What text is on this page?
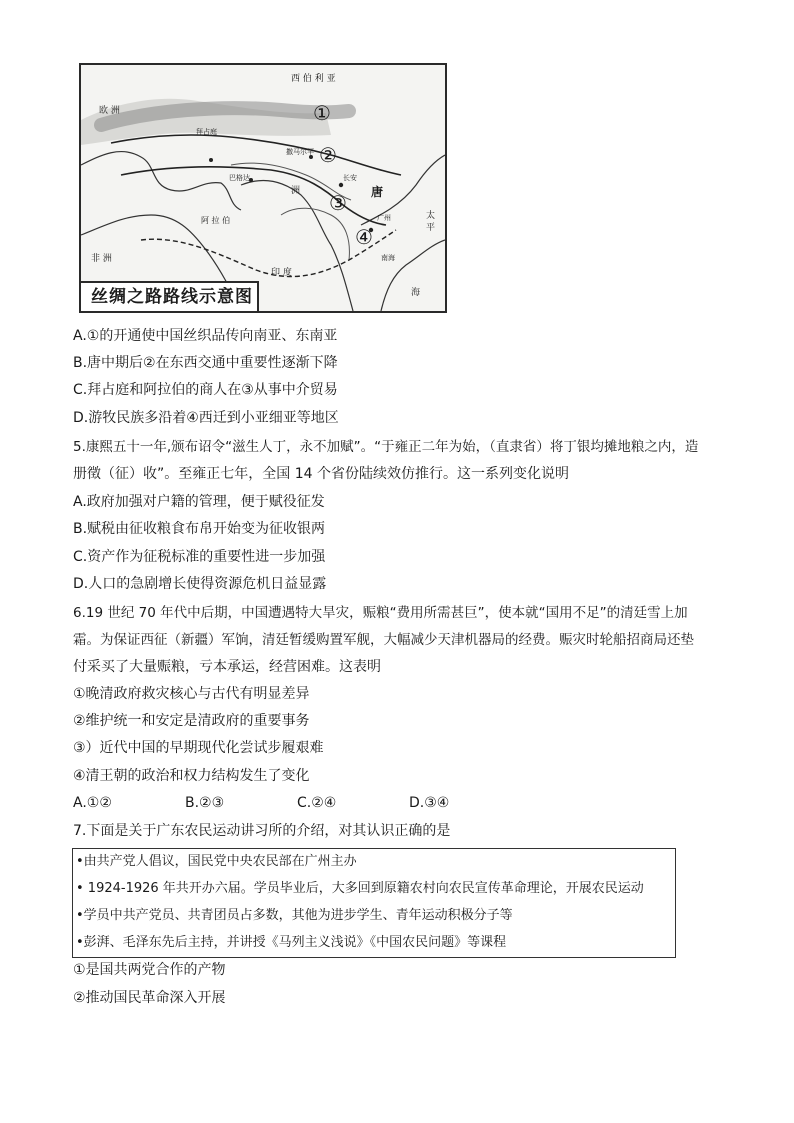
西 伯 利 亚
欧 洲
拜占庭
撒马尔罕
巴格达
阿 拉 伯
洲
长安
唐
广州
非 洲
印 度
南海
太 平
海
①
②
③
④
丝绸之路路线示意图
A.①的开通使中国丝织品传向南亚、东南亚
B.唐中期后②在东西交通中重要性逐渐下降
C.拜占庭和阿拉伯的商人在③从事中介贸易
D.游牧民族多沿着④西迁到小亚细亚等地区
5.康熙五十一年,颁布诏令“滋生人丁，永不加赋”。“于雍正二年为始，（直隶省）将丁银均摊地粮之内，造
册徵（征）收”。至雍正七年，全国 14 个省份陆续效仿推行。这一系列变化说明
A.政府加强对户籍的管理，便于赋役征发
B.赋税由征收粮食布帛开始变为征收银两
C.资产作为征税标准的重要性进一步加强
D.人口的急剧增长使得资源危机日益显露
6.19 世纪 70 年代中后期，中国遭遇特大旱灾，赈粮“费用所需甚巨”，使本就“国用不足”的清廷雪上加
霜。为保证西征（新疆）军饷，清廷暂缓购置军舰，大幅减少天津机器局的经费。赈灾时轮船招商局还垫
付采买了大量赈粮，亏本承运，经营困难。这表明
①晚清政府救灾核心与古代有明显差异
②维护统一和安定是清政府的重要事务
③）近代中国的早期现代化尝试步履艰难
④清王朝的政治和权力结构发生了变化
A.①②	B.②③	C.②④	D.③④
7.下面是关于广东农民运动讲习所的介绍，对其认识正确的是
•由共产党人倡议，国民党中央农民部在广州主办
• 1924-1926 年共开办六届。学员毕业后，大多回到原籍农村向农民宣传革命理论，开展农民运动
•学员中共产党员、共青团员占多数，其他为进步学生、青年运动积极分子等
•彭湃、毛泽东先后主持，并讲授《马列主义浅说》《中国农民问题》等课程
①是国共两党合作的产物
②推动国民革命深入开展
